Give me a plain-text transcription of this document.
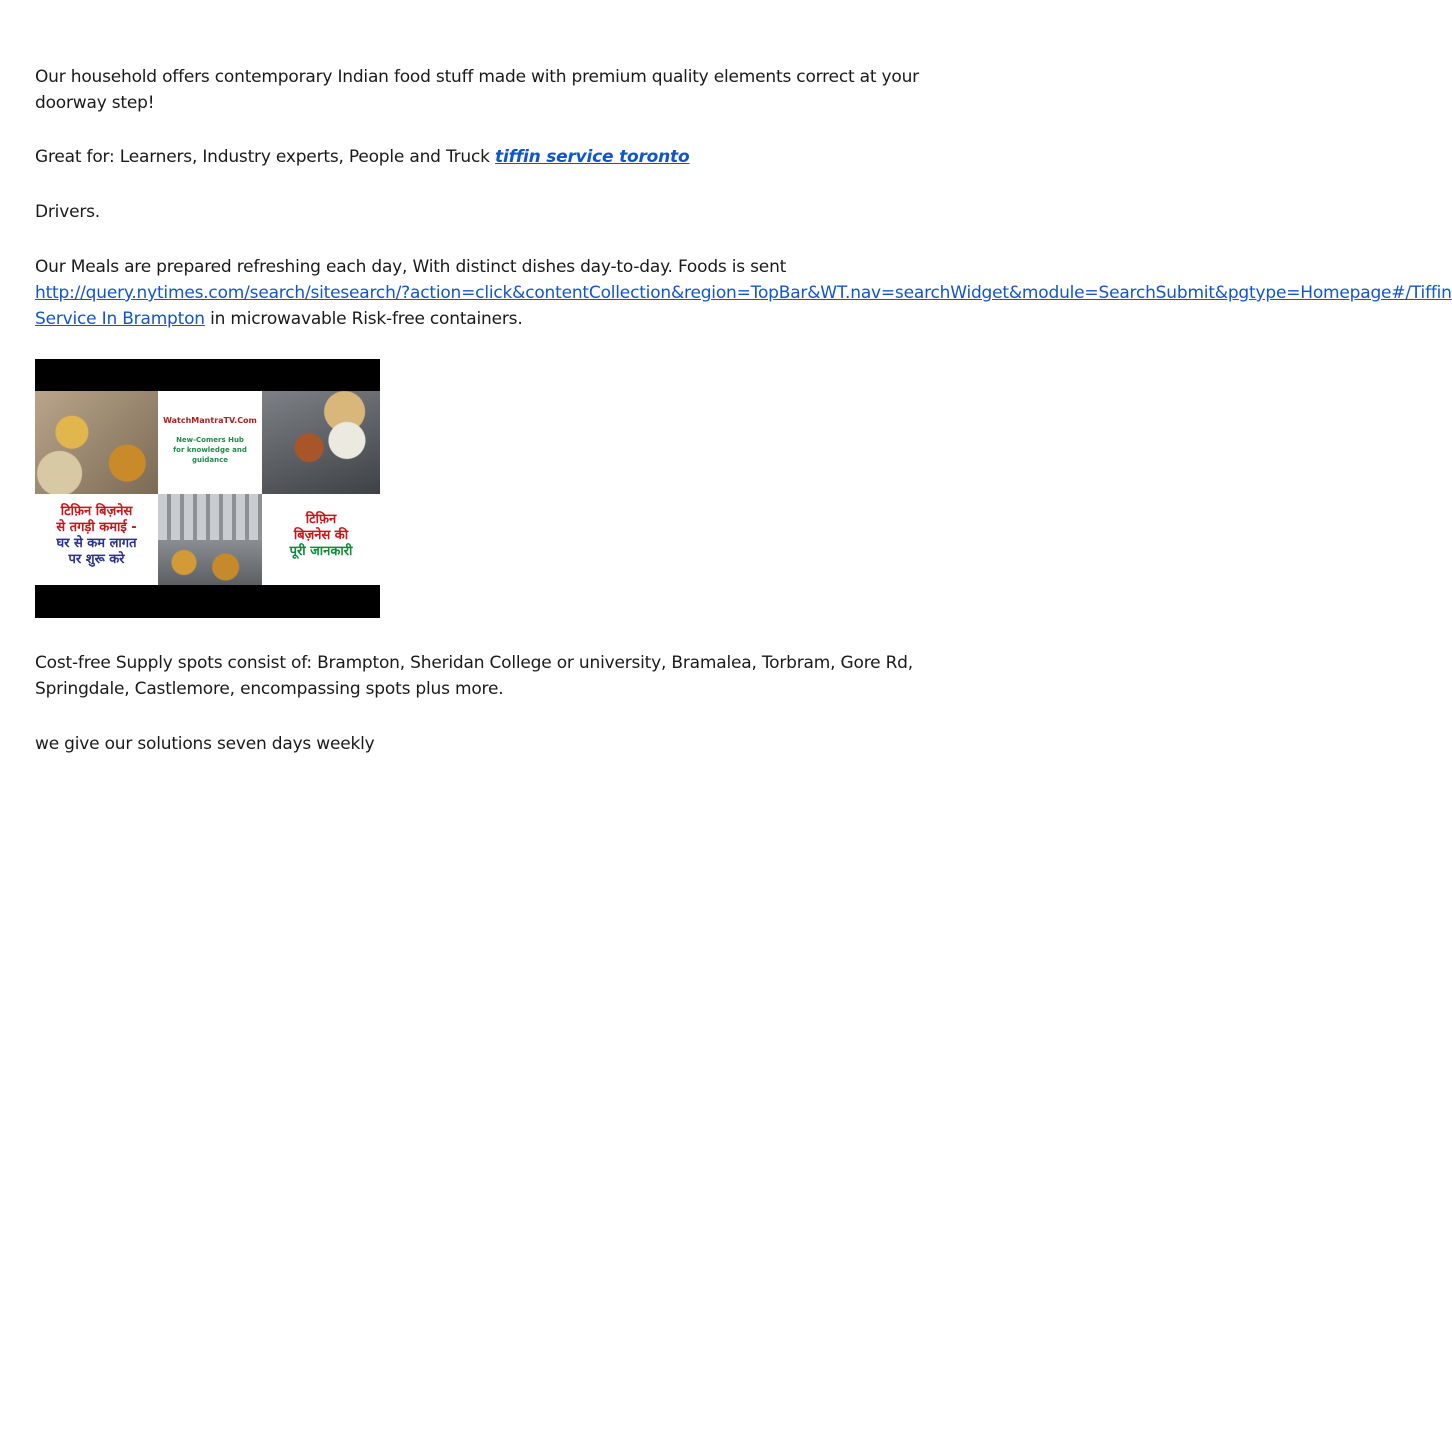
Our household offers contemporary Indian food stuff made with premium quality elements correct at your doorway step!

Great for: Learners, Industry experts, People and Truck tiffin service toronto

Drivers.

Our Meals are prepared refreshing each day, With distinct dishes day-to-day. Foods is sent

http://query.nytimes.com/search/sitesearch/?action=click&contentCollection&region=TopBar&WT.nav=searchWidget&module=SearchSubmit&pgtype=Homepage#/Tiffin

Service In Brampton in microwavable Risk-free containers.

WatchMantraTV.Com
New-Comers Hub for knowledge and guidance
टिफ़िन बिज़नेस
से तगड़ी कमाई -
घर से कम लागत
पर शुरू करे
टिफ़िन
बिज़नेस की
पूरी जानकारी

Cost-free Supply spots consist of: Brampton, Sheridan College or university, Bramalea, Torbram, Gore Rd, Springdale, Castlemore, encompassing spots plus more.

we give our solutions seven days weekly
